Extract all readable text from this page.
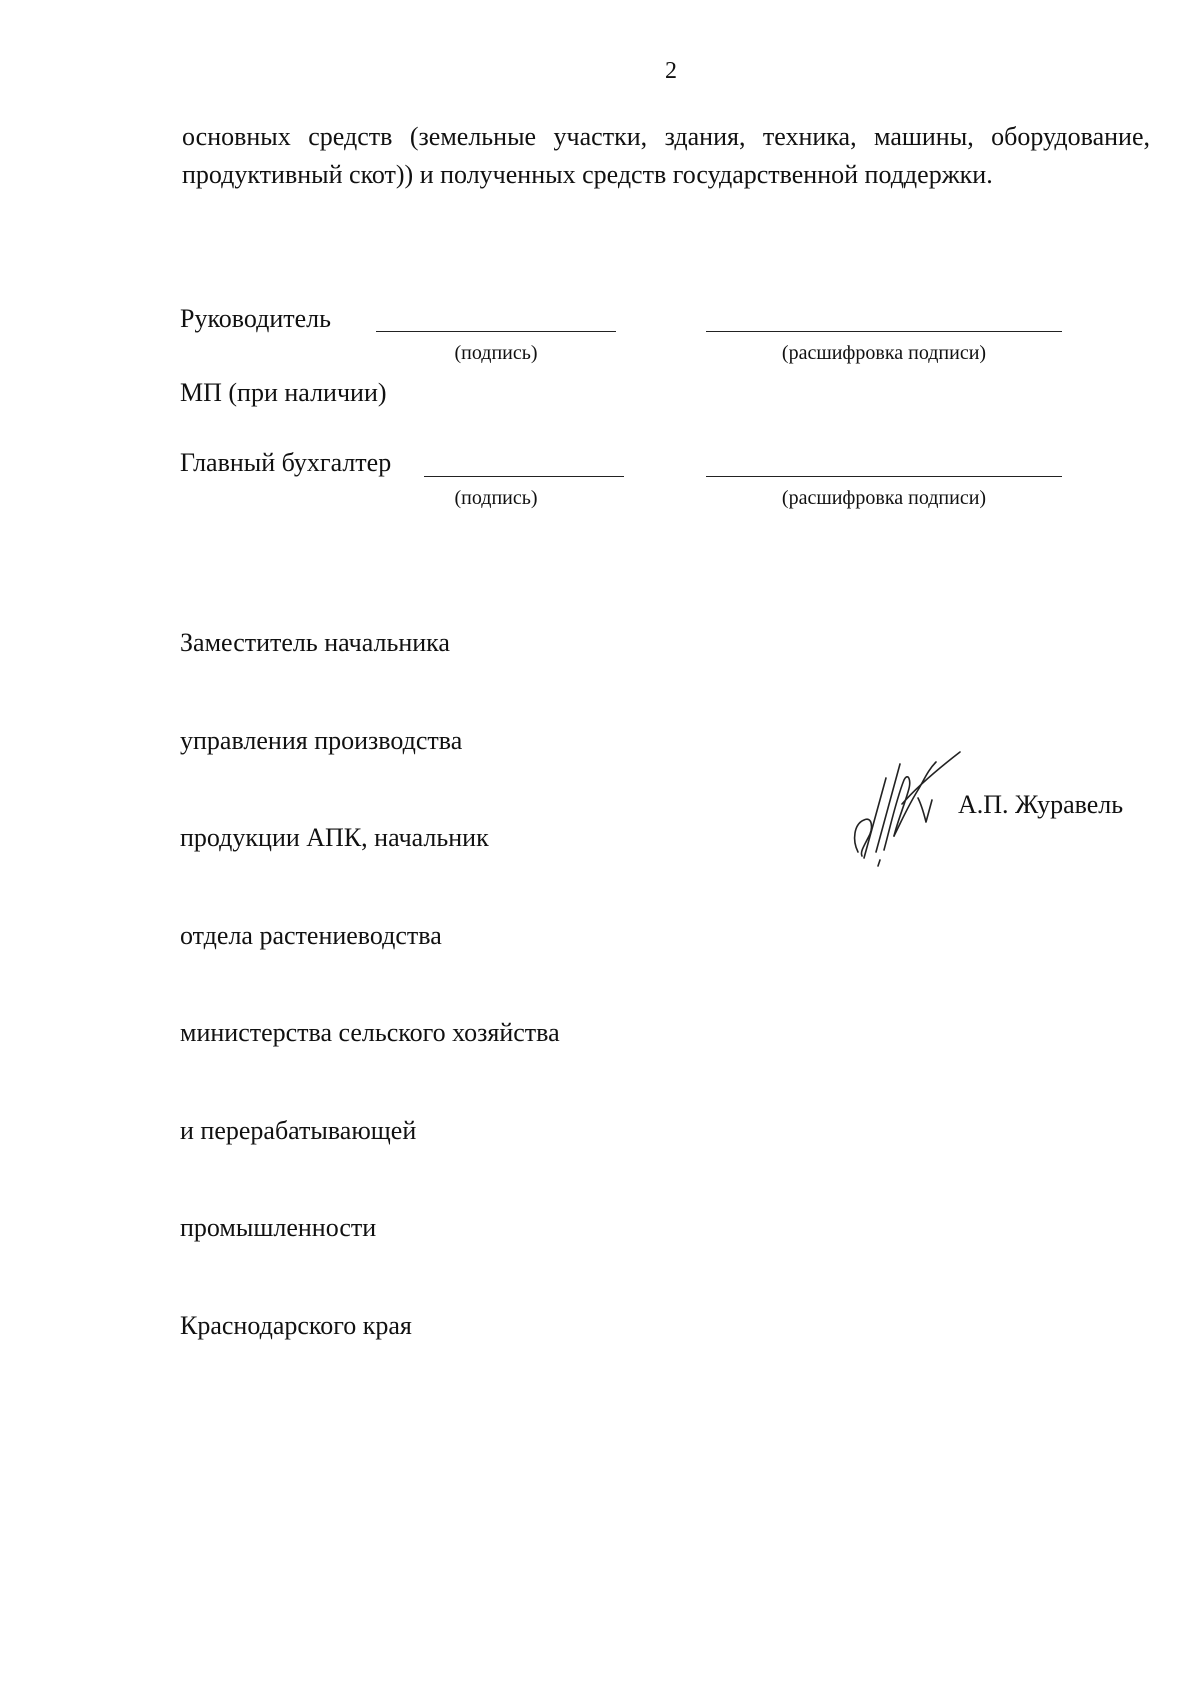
2
основных средств (земельные участки, здания, техника, машины, оборудование, продуктивный скот)) и полученных средств государственной поддержки.
Руководитель
(подпись)	(расшифровка подписи)
МП (при наличии)
Главный бухгалтер
(подпись)	(расшифровка подписи)

Заместитель начальника

управления производства

продукции АПК, начальник

отдела растениеводства

министерства сельского хозяйства

и перерабатывающей

промышленности

Краснодарского края

А.П. Журавель
